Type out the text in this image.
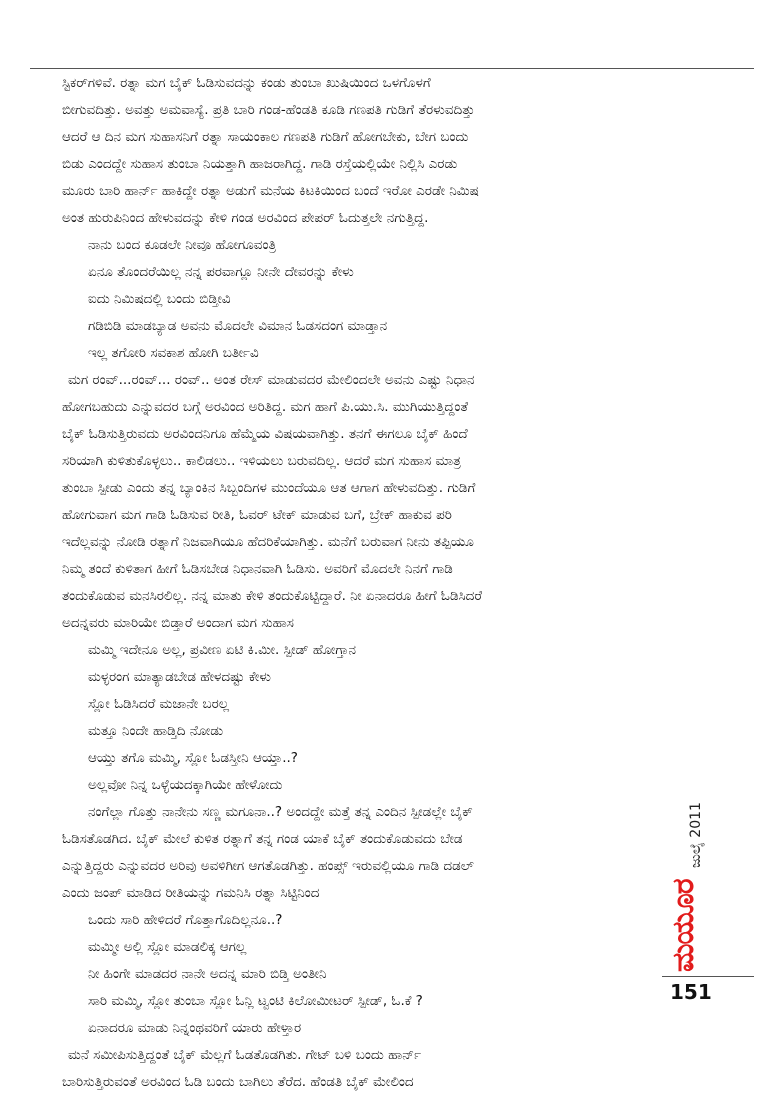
ಸ್ಟಿಕರ್‌ಗಳಿವೆ. ರತ್ನಾ ಮಗ ಬೈಕ್ ಓಡಿಸುವದನ್ನು ಕಂಡು ತುಂಬಾ ಖುಷಿಯಿಂದ ಒಳಗೊಳಗೆ
ಬೀಗುವದಿತ್ತು. ಅವತ್ತು ಅಮವಾಸ್ಯೆ. ಪ್ರತಿ ಬಾರಿ ಗಂಡ-ಹೆಂಡತಿ ಕೂಡಿ ಗಣಪತಿ ಗುಡಿಗೆ ತೆರಳುವದಿತ್ತು
ಆದರೆ ಆ ದಿನ ಮಗ ಸುಹಾಸನಿಗೆ ರತ್ನಾ ಸಾಯಂಕಾಲ ಗಣಪತಿ ಗುಡಿಗೆ ಹೋಗಬೇಕು, ಬೇಗ ಬಂದು
ಬಿಡು ಎಂದದ್ದೇ ಸುಹಾಸ ತುಂಬಾ ನಿಯತ್ತಾಗಿ ಹಾಜರಾಗಿದ್ದ. ಗಾಡಿ ರಸ್ತೆಯಲ್ಲಿಯೇ ನಿಲ್ಲಿಸಿ ಎರಡು
ಮೂರು ಬಾರಿ ಹಾರ್ನ್ ಹಾಕಿದ್ದೇ ರತ್ನಾ ಅಡುಗೆ ಮನೆಯ ಕಿಟಕಿಯಿಂದ ಬಂದೆ ಇರೋ ಎರಡೇ ನಿಮಿಷ
ಅಂತ ಹುರುಪಿನಿಂದ ಹೇಳುವದನ್ನು ಕೇಳಿ ಗಂಡ ಅರವಿಂದ ಪೇಪರ್ ಓದುತ್ತಲೇ ನಗುತ್ತಿದ್ದ.
ನಾನು ಬಂದ ಕೂಡಲೇ ನೀವೂ ಹೋಗೂವಂತ್ರಿ
ಏನೂ ತೊಂದರೆಯಿಲ್ಲ ನನ್ನ ಪರವಾಗ್ಲೂ ನೀನೇ ದೇವರನ್ನು ಕೇಳು
ಐದು ನಿಮಿಷದಲ್ಲಿ ಬಂದು ಬಿಡ್ತೀವಿ
ಗಡಿಬಿಡಿ ಮಾಡಬ್ಯಾಡ ಅವನು ಮೊದಲೇ ವಿಮಾನ ಓಡಸದಂಗ ಮಾಡ್ತಾನ
ಇಲ್ಲ ತಗೋರಿ ಸವಕಾಶ ಹೋಗಿ ಬರ್ತೀವಿ
ಮಗ ರಂವ್...ರಂವ್... ರಂವ್.. ಅಂತ ರೇಸ್ ಮಾಡುವದರ ಮೇಲಿಂದಲೇ ಅವನು ಎಷ್ಟು ನಿಧಾನ
ಹೋಗಬಹುದು ಎನ್ನುವದರ ಬಗ್ಗೆ ಅರವಿಂದ ಅರಿತಿದ್ದ. ಮಗ ಹಾಗೆ ಪಿ.ಯು.ಸಿ. ಮುಗಿಯುತ್ತಿದ್ದಂತೆ
ಬೈಕ್ ಓಡಿಸುತ್ತಿರುವದು ಅರವಿಂದನಿಗೂ ಹೆಮ್ಮೆಯ ವಿಷಯವಾಗಿತ್ತು. ತನಗೆ ಈಗಲೂ ಬೈಕ್ ಹಿಂದೆ
ಸರಿಯಾಗಿ ಕುಳಿತುಕೊಳ್ಳಲು.. ಕಾಲಿಡಲು.. ಇಳಿಯಲು ಬರುವದಿಲ್ಲ. ಆದರೆ ಮಗ ಸುಹಾಸ ಮಾತ್ರ
ತುಂಬಾ ಸ್ಪೀಡು ಎಂದು ತನ್ನ ಬ್ಯಾಂಕಿನ ಸಿಬ್ಬಂದಿಗಳ ಮುಂದೆಯೂ ಆತ ಆಗಾಗ ಹೇಳುವದಿತ್ತು. ಗುಡಿಗೆ
ಹೋಗುವಾಗ ಮಗ ಗಾಡಿ ಓಡಿಸುವ ರೀತಿ, ಓವರ್ ಟೇಕ್ ಮಾಡುವ ಬಗೆ, ಬ್ರೇಕ್ ಹಾಕುವ ಪರಿ
ಇದೆಲ್ಲವನ್ನು ನೋಡಿ ರತ್ನಾಗೆ ನಿಜವಾಗಿಯೂ ಹೆದರಿಕೆಯಾಗಿತ್ತು. ಮನೆಗೆ ಬರುವಾಗ ನೀನು ತಪ್ಪಿಯೂ
ನಿಮ್ಮ ತಂದೆ ಕುಳಿತಾಗ ಹೀಗೆ ಓಡಿಸಬೇಡ ನಿಧಾನವಾಗಿ ಓಡಿಸು. ಅವರಿಗೆ ಮೊದಲೇ ನಿನಗೆ ಗಾಡಿ
ತಂದುಕೊಡುವ ಮನಸಿರಲಿಲ್ಲ. ನನ್ನ ಮಾತು ಕೇಳಿ ತಂದುಕೊಟ್ಟಿದ್ದಾರೆ. ನೀ ಏನಾದರೂ ಹೀಗೆ ಓಡಿಸಿದರೆ
ಅದನ್ನವರು ಮಾರಿಯೇ ಬಿಡ್ತಾರೆ ಅಂದಾಗ ಮಗ ಸುಹಾಸ
ಮಮ್ಮಿ ಇದೇನೂ ಅಲ್ಲ, ಪ್ರವೀಣ ಏಟಿ ಕಿ.ಮೀ. ಸ್ಪೀಡ್ ಹೋಗ್ತಾನ
ಮಳ್ಳರಂಗ ಮಾತ್ಯಾಡಬೇಡ ಹೇಳದಷ್ಟು ಕೇಳು
ಸ್ಲೋ ಓಡಿಸಿದರೆ ಮಜಾನೇ ಬರಲ್ಲ
ಮತ್ತೂ ನಿಂದೇ ಹಾಡ್ತಿದಿ ನೋಡು
ಆಯ್ತು ತಗೊ ಮಮ್ಮಿ, ಸ್ಲೋ ಓಡಸ್ತೀನಿ ಆಯ್ತಾ..?
ಅಲ್ಲವೋ ನಿನ್ನ ಒಳ್ಳೆಯದಕ್ಕಾಗಿಯೇ ಹೇಳೋದು
ನಂಗೆಲ್ಲಾ ಗೊತ್ತು ನಾನೇನು ಸಣ್ಣ ಮಗೂನಾ..? ಅಂದದ್ದೇ ಮತ್ತೆ ತನ್ನ ಎಂದಿನ ಸ್ಪೀಡಲ್ಲೇ ಬೈಕ್
ಓಡಿಸತೊಡಗಿದ. ಬೈಕ್ ಮೇಲೆ ಕುಳಿತ ರತ್ನಾಗೆ ತನ್ನ ಗಂಡ ಯಾಕೆ ಬೈಕ್ ತಂದುಕೊಡುವದು ಬೇಡ
ಎನ್ನುತ್ತಿದ್ದರು ಎನ್ನುವದರ ಅರಿವು ಅವಳಿಗೀಗ ಆಗತೊಡಗಿತ್ತು. ಹಂಪ್ಸ್ ಇರುವಲ್ಲಿಯೂ ಗಾಡಿ ದಡಲ್
ಎಂದು ಜಂಪ್ ಮಾಡಿದ ರೀತಿಯನ್ನು ಗಮನಿಸಿ ರತ್ನಾ ಸಿಟ್ಟಿನಿಂದ
ಒಂದು ಸಾರಿ ಹೇಳಿದರೆ ಗೊತ್ತಾಗೊದಿಲ್ಲನೂ..?
ಮಮ್ಮೀ ಅಲ್ಲಿ ಸ್ಲೋ ಮಾಡಲಿಕ್ಕ ಆಗಲ್ಲ
ನೀ ಹಿಂಗೇ ಮಾಡದರ ನಾನೇ ಅದನ್ನ ಮಾರಿ ಬಿಡ್ತಿ ಅಂತೀನಿ
ಸಾರಿ ಮಮ್ಮಿ, ಸ್ಲೋ ತುಂಬಾ ಸ್ಲೋ ಓನ್ಲಿ ಟ್ವಂಟಿ ಕಿಲೋಮೀಟರ್ ಸ್ಪೀಡ್, ಓ.ಕೆ ?
ಏನಾದರೂ ಮಾಡು ನಿನ್ನಂಥವರಿಗೆ ಯಾರು ಹೇಳ್ತಾರ
ಮನೆ ಸಮೀಪಿಸುತ್ತಿದ್ದಂತೆ ಬೈಕ್ ಮೆಲ್ಲಗೆ ಓಡತೊಡಗಿತು. ಗೇಟ್ ಬಳಿ ಬಂದು ಹಾರ್ನ್
ಬಾರಿಸುತ್ತಿರುವಂತೆ ಅರವಿಂದ ಓಡಿ ಬಂದು ಬಾಗಿಲು ತೆರೆದ. ಹೆಂಡತಿ ಬೈಕ್ ಮೇಲಿಂದ
ಜುಲೈ 2011
ಮಯೂರ
151
